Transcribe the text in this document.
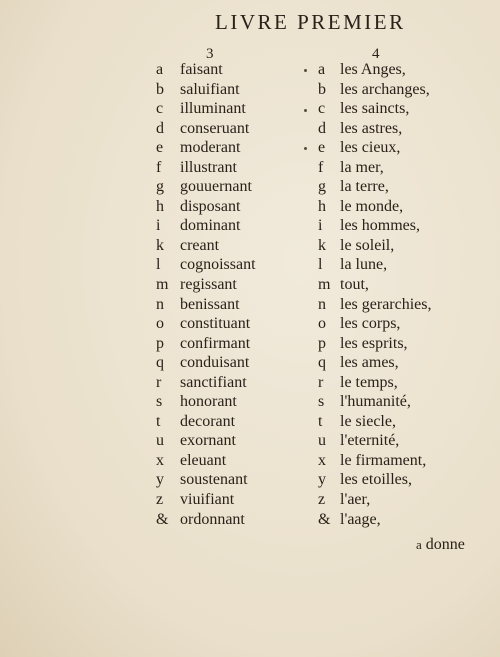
LIVRE PREMIER
3	4
a faisant
b saluifiant
c illuminant
d conseruant
e moderant
f illustrant
g gouuernant
h disposant
i dominant
k creant
l cognoissant
m regissant
n benissant
o constituant
p confirmant
q conduisant
r sanctifiant
s honorant
t decorant
u exornant
x eleuant
y soustenant
z viuifiant
& ordonnant
a les Anges,
b les archanges,
c les saincts,
d les astres,
e les cieux,
f la mer,
g la terre,
h le monde,
i les hommes,
k le soleil,
l la lune,
m tout,
n les gerarchies,
o les corps,
p les esprits,
q les ames,
r le temps,
s l'humanité,
t le siecle,
u l'eternité,
x le firmament,
y les etoilles,
z l'aer,
& l'aage,
a donne
